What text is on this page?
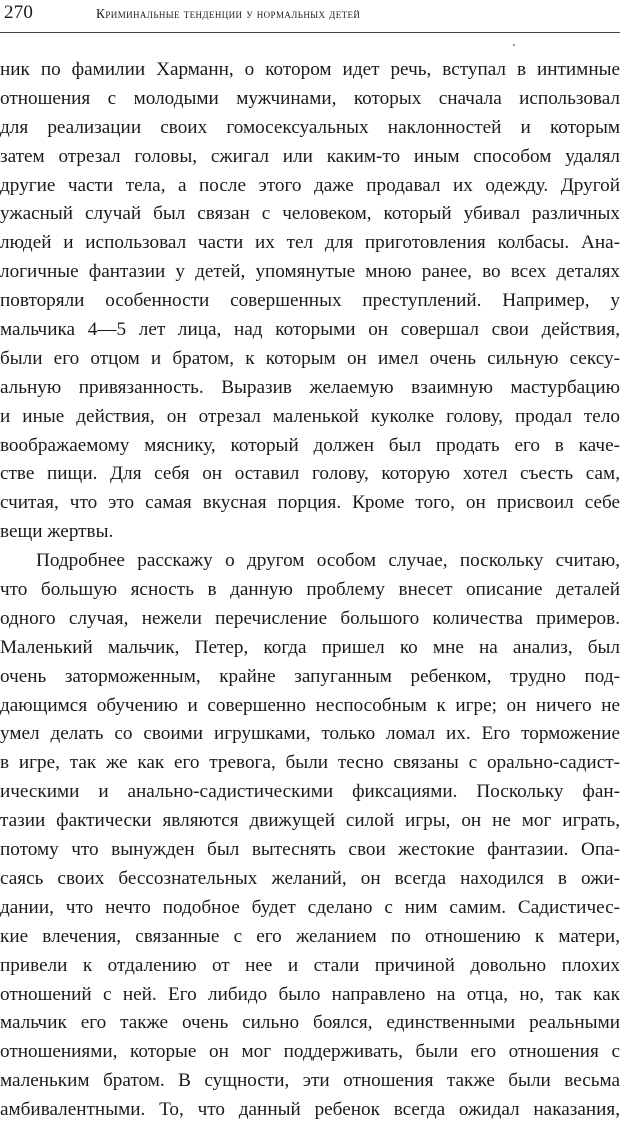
270	Криминальные тенденции у нормальных детей
ник по фамилии Харманн, о котором идет речь, вступал в интимные
отношения с молодыми мужчинами, которых сначала использовал
для реализации своих гомосексуальных наклонностей и которым
затем отрезал головы, сжигал или каким-то иным способом удалял
другие части тела, а после этого даже продавал их одежду. Другой
ужасный случай был связан с человеком, который убивал различных
людей и использовал части их тел для приготовления колбасы. Ана-
логичные фантазии у детей, упомянутые мною ранее, во всех деталях
повторяли особенности совершенных преступлений. Например, у
мальчика 4—5 лет лица, над которыми он совершал свои действия,
были его отцом и братом, к которым он имел очень сильную сексу-
альную привязанность. Выразив желаемую взаимную мастурбацию
и иные действия, он отрезал маленькой куколке голову, продал тело
воображаемому мяснику, который должен был продать его в каче-
стве пищи. Для себя он оставил голову, которую хотел съесть сам,
считая, что это самая вкусная порция. Кроме того, он присвоил себе
вещи жертвы.
Подробнее расскажу о другом особом случае, поскольку считаю,
что большую ясность в данную проблему внесет описание деталей
одного случая, нежели перечисление большого количества примеров.
Маленький мальчик, Петер, когда пришел ко мне на анализ, был
очень заторможенным, крайне запуганным ребенком, трудно под-
дающимся обучению и совершенно неспособным к игре; он ничего не
умел делать со своими игрушками, только ломал их. Его торможение
в игре, так же как его тревога, были тесно связаны с орально-садист-
ическими и анально-садистическими фиксациями. Поскольку фан-
тазии фактически являются движущей силой игры, он не мог играть,
потому что вынужден был вытеснять свои жестокие фантазии. Опа-
саясь своих бессознательных желаний, он всегда находился в ожи-
дании, что нечто подобное будет сделано с ним самим. Садистичес-
кие влечения, связанные с его желанием по отношению к матери,
привели к отдалению от нее и стали причиной довольно плохих
отношений с ней. Его либидо было направлено на отца, но, так как
мальчик его также очень сильно боялся, единственными реальными
отношениями, которые он мог поддерживать, были его отношения с
маленьким братом. В сущности, эти отношения также были весьма
амбивалентными. То, что данный ребенок всегда ожидал наказания,
